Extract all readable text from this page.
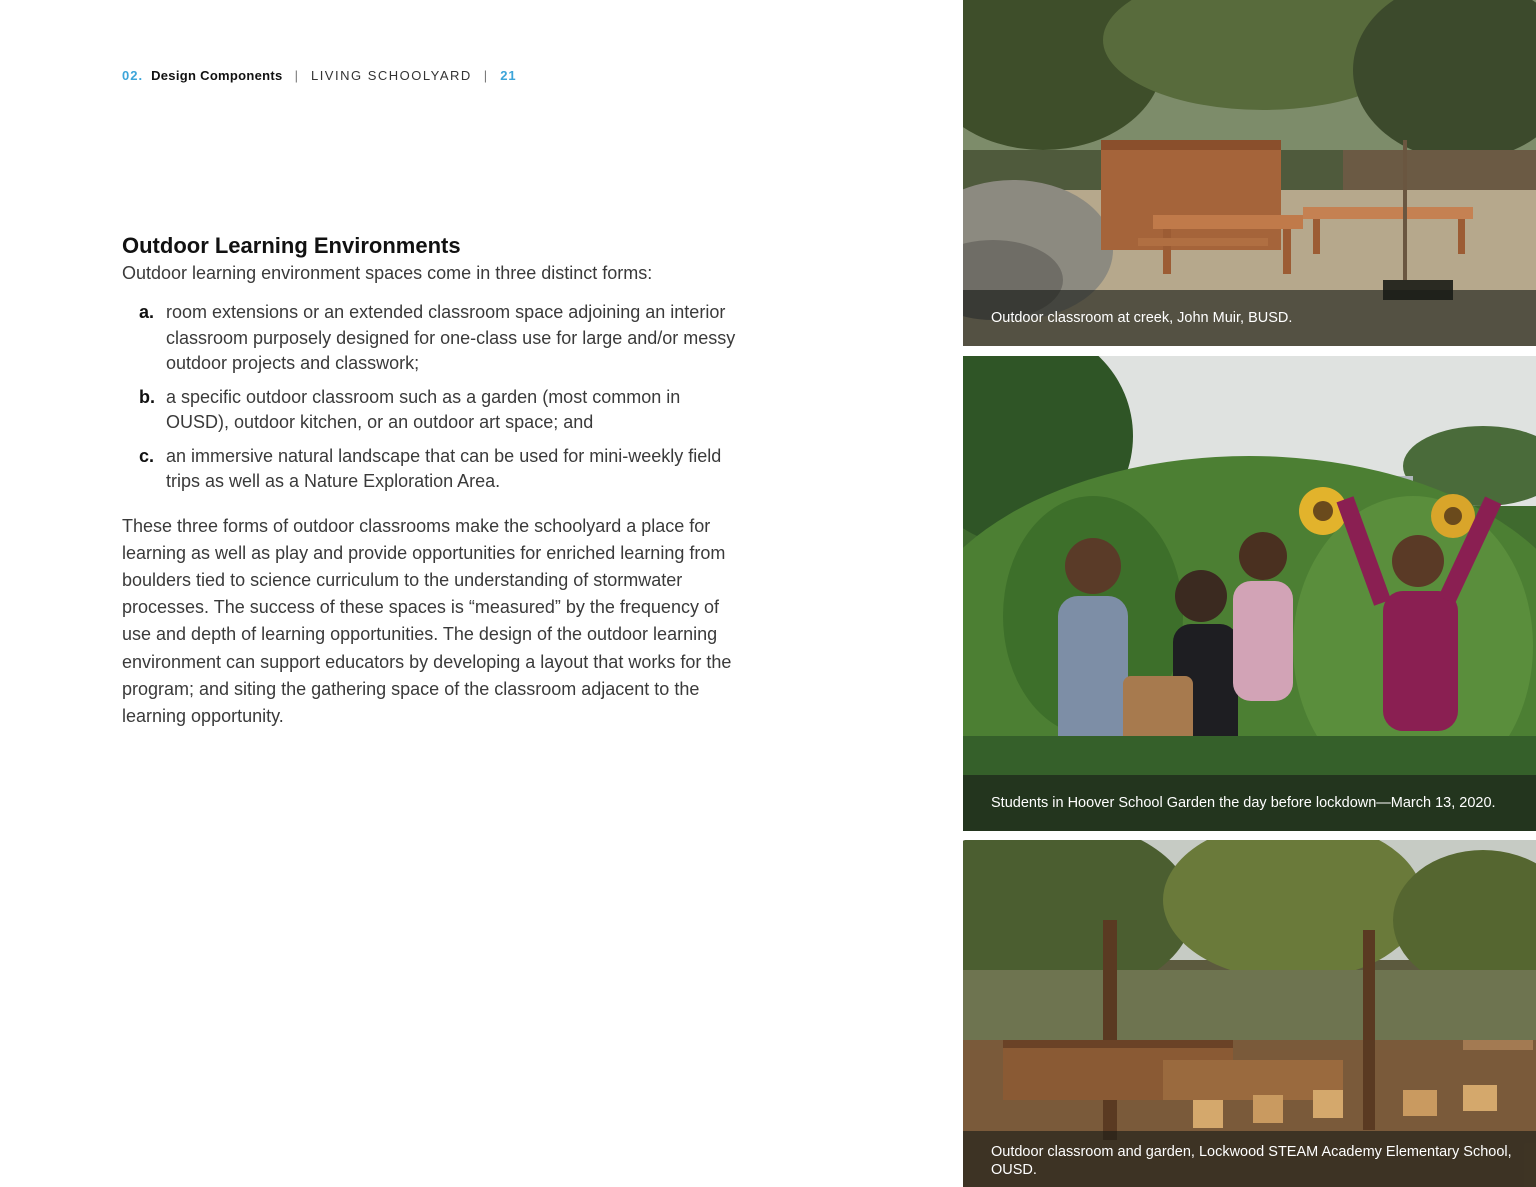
02. Design Components | LIVING SCHOOLYARD | 21
Outdoor Learning Environments

Outdoor learning environment spaces come in three distinct forms:

a. room extensions or an extended classroom space adjoining an interior classroom purposely designed for one-class use for large and/or messy outdoor projects and classwork;
b. a specific outdoor classroom such as a garden (most common in OUSD), outdoor kitchen, or an outdoor art space; and
c. an immersive natural landscape that can be used for mini-weekly field trips as well as a Nature Exploration Area.

These three forms of outdoor classrooms make the schoolyard a place for learning as well as play and provide opportunities for enriched learning from boulders tied to science curriculum to the understanding of stormwater processes. The success of these spaces is “measured” by the frequency of use and depth of learning opportunities. The design of the outdoor learning environment can support educators by developing a layout that works for the program; and siting the gathering space of the classroom adjacent to the learning opportunity.

Outdoor classroom at creek, John Muir, BUSD.
Students in Hoover School Garden the day before lockdown—March 13, 2020.
Outdoor classroom and garden, Lockwood STEAM Academy Elementary School, OUSD.
